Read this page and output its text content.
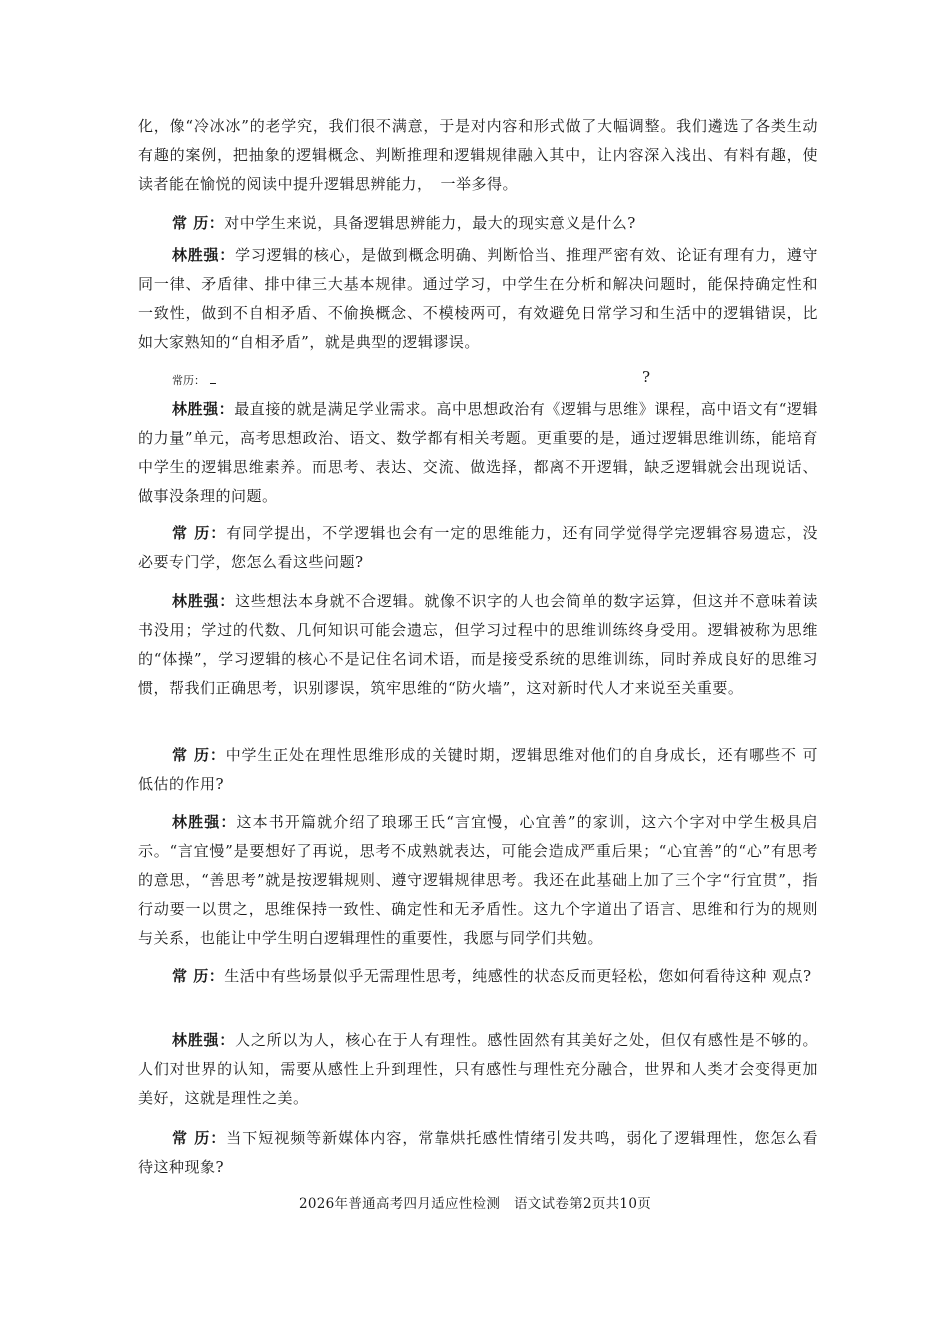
化，像“冷冰冰”的老学究，我们很不满意，于是对内容和形式做了大幅调整。我们遴选了各类生动有趣的案例，把抽象的逻辑概念、判断推理和逻辑规律融入其中，让内容深入浅出、有料有趣，使读者能在愉悦的阅读中提升逻辑思辨能力，　一举多得。

常 历：对中学生来说，具备逻辑思辨能力，最大的现实意义是什么?

林胜强：学习逻辑的核心，是做到概念明确、判断恰当、推理严密有效、论证有理有力，遵守同一律、矛盾律、排中律三大基本规律。通过学习，中学生在分析和解决问题时，能保持确定性和一致性，做到不自相矛盾、不偷换概念、不模棱两可，有效避免日常学习和生活中的逻辑错误，比如大家熟知的“自相矛盾”，就是典型的逻辑谬误。

常历：	?

林胜强：最直接的就是满足学业需求。高中思想政治有《逻辑与思维》课程，高中语文有“逻辑的力量”单元，高考思想政治、语文、数学都有相关考题。更重要的是，通过逻辑思维训练，能培育中学生的逻辑思维素养。而思考、表达、交流、做选择，都离不开逻辑，缺乏逻辑就会出现说话、做事没条理的问题。

常 历：有同学提出，不学逻辑也会有一定的思维能力，还有同学觉得学完逻辑容易遗忘，没 必要专门学，您怎么看这些问题?

林胜强：这些想法本身就不合逻辑。就像不识字的人也会简单的数字运算，但这并不意味着读书没用；学过的代数、几何知识可能会遗忘，但学习过程中的思维训练终身受用。逻辑被称为思维的“体操”，学习逻辑的核心不是记住名词术语，而是接受系统的思维训练，同时养成良好的思维习惯，帮我们正确思考，识别谬误，筑牢思维的“防火墙”，这对新时代人才来说至关重要。

常 历：中学生正处在理性思维形成的关键时期，逻辑思维对他们的自身成长，还有哪些不 可低估的作用?

林胜强：这本书开篇就介绍了琅琊王氏“言宜慢，心宜善”的家训，这六个字对中学生极具启示。“言宜慢”是要想好了再说，思考不成熟就表达，可能会造成严重后果；“心宜善”的“心”有思考的意思，“善思考”就是按逻辑规则、遵守逻辑规律思考。我还在此基础上加了三个字“行宜贯”，指行动要一以贯之，思维保持一致性、确定性和无矛盾性。这九个字道出了语言、思维和行为的规则与关系，也能让中学生明白逻辑理性的重要性，我愿与同学们共勉。

常 历：生活中有些场景似乎无需理性思考，纯感性的状态反而更轻松，您如何看待这种 观点?

林胜强：人之所以为人，核心在于人有理性。感性固然有其美好之处，但仅有感性是不够的。人们对世界的认知，需要从感性上升到理性，只有感性与理性充分融合，世界和人类才会变得更加美好，这就是理性之美。

常 历：当下短视频等新媒体内容，常靠烘托感性情绪引发共鸣，弱化了逻辑理性，您怎么看 待这种现象?

2026年普通高考四月适应性检测　语文试卷第2页共10页
